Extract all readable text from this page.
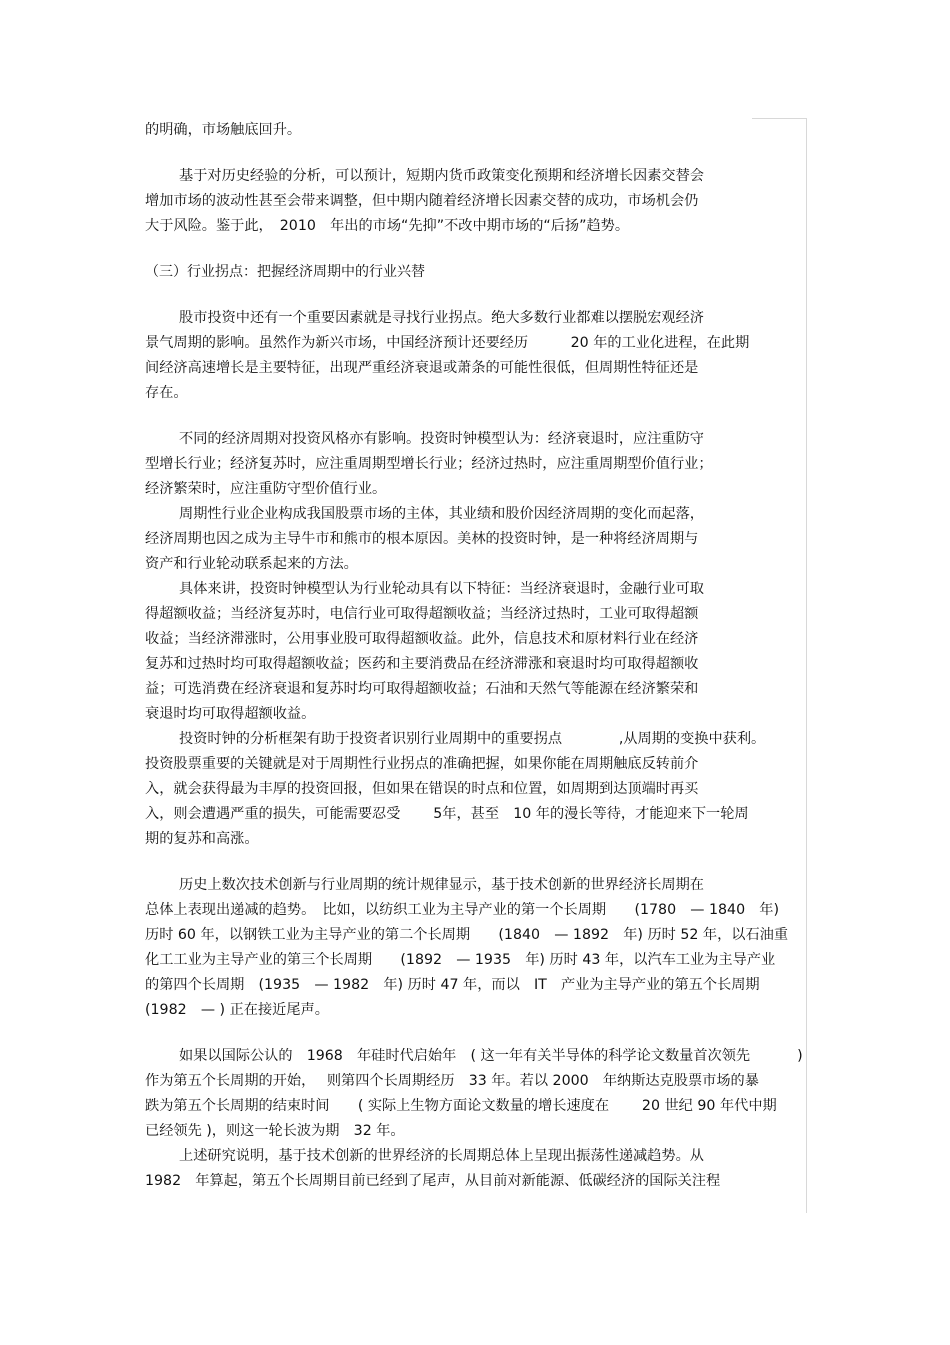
的明确，市场触底回升。
基于对历史经验的分析，可以预计，短期内货币政策变化预期和经济增长因素交替会
增加市场的波动性甚至会带来调整，但中期内随着经济增长因素交替的成功，市场机会仍
大于风险。鉴于此，　2010　年出的市场“先抑”不改中期市场的“后扬”趋势。
（三）行业拐点：把握经济周期中的行业兴替
股市投资中还有一个重要因素就是寻找行业拐点。绝大多数行业都难以摆脱宏观经济
景气周期的影响。虽然作为新兴市场，中国经济预计还要经历　　　20 年的工业化进程，在此期
间经济高速增长是主要特征，出现严重经济衰退或萧条的可能性很低，但周期性特征还是
存在。
不同的经济周期对投资风格亦有影响。投资时钟模型认为：经济衰退时，应注重防守
型增长行业；经济复苏时，应注重周期型增长行业；经济过热时，应注重周期型价值行业；
经济繁荣时，应注重防守型价值行业。
周期性行业企业构成我国股票市场的主体，其业绩和股价因经济周期的变化而起落，
经济周期也因之成为主导牛市和熊市的根本原因。美林的投资时钟，是一种将经济周期与
资产和行业轮动联系起来的方法。
具体来讲，投资时钟模型认为行业轮动具有以下特征：当经济衰退时，金融行业可取
得超额收益；当经济复苏时，电信行业可取得超额收益；当经济过热时，工业可取得超额
收益；当经济滞涨时，公用事业股可取得超额收益。此外，信息技术和原材料行业在经济
复苏和过热时均可取得超额收益；医药和主要消费品在经济滞涨和衰退时均可取得超额收
益；可选消费在经济衰退和复苏时均可取得超额收益；石油和天然气等能源在经济繁荣和
衰退时均可取得超额收益。
投资时钟的分析框架有助于投资者识别行业周期中的重要拐点　　　　,从周期的变换中获利。
投资股票重要的关键就是对于周期性行业拐点的准确把握，如果你能在周期触底反转前介
入，就会获得最为丰厚的投资回报，但如果在错误的时点和位置，如周期到达顶端时再买
入，则会遭遇严重的损失，可能需要忍受　　 5年，甚至　10 年的漫长等待，才能迎来下一轮周
期的复苏和高涨。
历史上数次技术创新与行业周期的统计规律显示，基于技术创新的世界经济长周期在
总体上表现出递减的趋势。　比如，以纺织工业为主导产业的第一个长周期　　(1780　— 1840　年)
历时 60 年，以钢铁工业为主导产业的第二个长周期　　(1840　— 1892　年) 历时 52 年，以石油重
化工工业为主导产业的第三个长周期　　(1892　— 1935　年) 历时 43 年，以汽车工业为主导产业
的第四个长周期　(1935　— 1982　年) 历时 47 年，而以　IT　产业为主导产业的第五个长周期
(1982　— ) 正在接近尾声。
如果以国际公认的　1968　年硅时代启始年　( 这一年有关半导体的科学论文数量首次领先　　　 )
作为第五个长周期的开始，　 则第四个长周期经历　33 年。若以 2000　年纳斯达克股票市场的暴
跌为第五个长周期的结束时间　　( 实际上生物方面论文数量的增长速度在　　 20 世纪 90 年代中期
已经领先 )，则这一轮长波为期　32 年。
上述研究说明，基于技术创新的世界经济的长周期总体上呈现出振荡性递减趋势。从
1982　年算起，第五个长周期目前已经到了尾声，从目前对新能源、低碳经济的国际关注程
